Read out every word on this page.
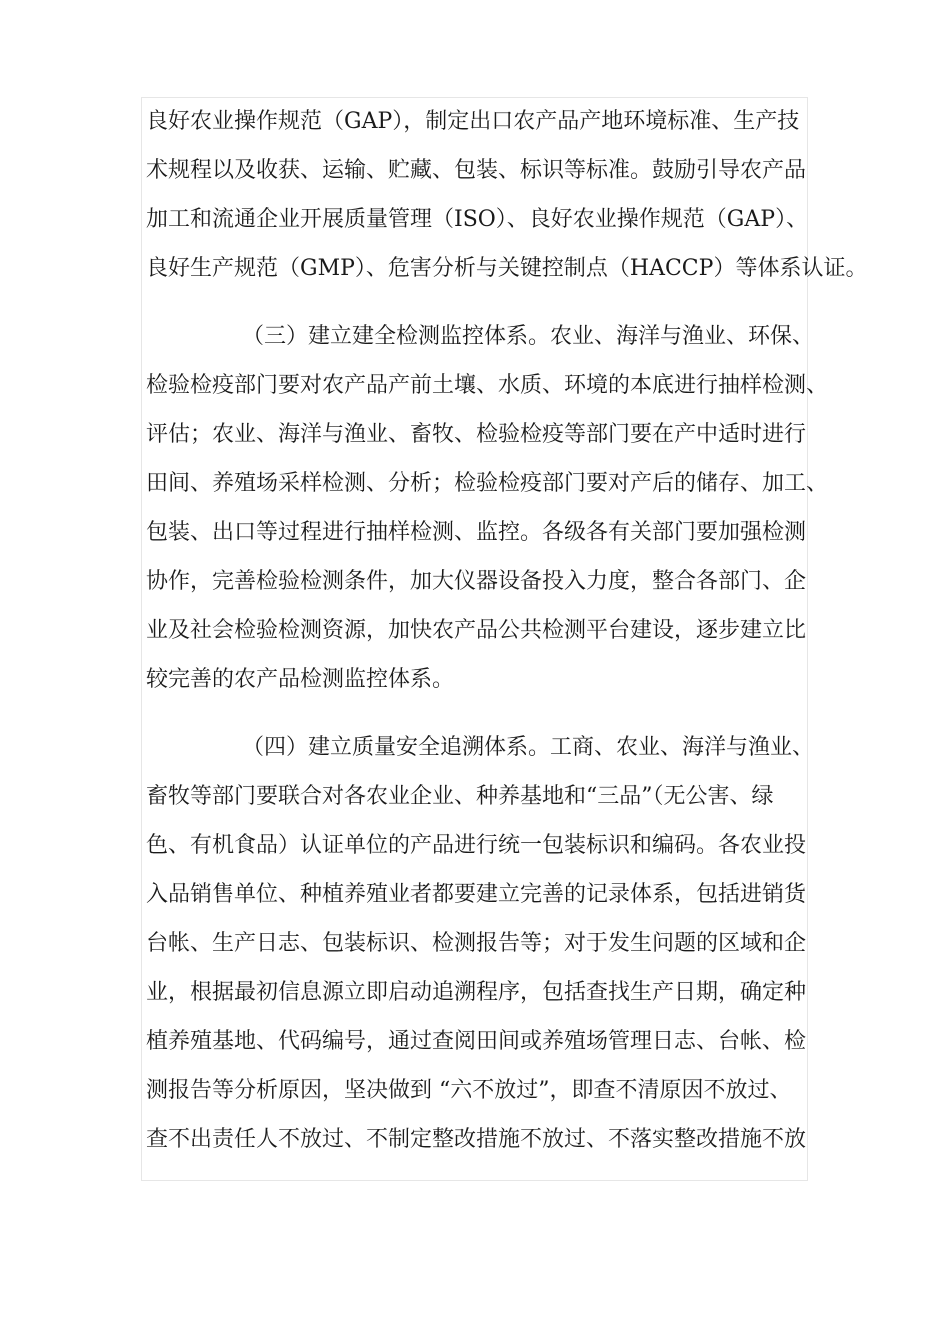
良好农业操作规范（GAP），制定出口农产品产地环境标准、生产技
术规程以及收获、运输、贮藏、包装、标识等标准。鼓励引导农产品
加工和流通企业开展质量管理（ISO）、良好农业操作规范（GAP）、
良好生产规范（GMP）、危害分析与关键控制点（HACCP）等体系认证。
（三）建立建全检测监控体系。农业、海洋与渔业、环保、
检验检疫部门要对农产品产前土壤、水质、环境的本底进行抽样检测、
评估；农业、海洋与渔业、畜牧、检验检疫等部门要在产中适时进行
田间、养殖场采样检测、分析；检验检疫部门要对产后的储存、加工、
包装、出口等过程进行抽样检测、监控。各级各有关部门要加强检测
协作，完善检验检测条件，加大仪器设备投入力度，整合各部门、企
业及社会检验检测资源，加快农产品公共检测平台建设，逐步建立比
较完善的农产品检测监控体系。
（四）建立质量安全追溯体系。工商、农业、海洋与渔业、
畜牧等部门要联合对各农业企业、种养基地和“三品”（无公害、绿
色、有机食品）认证单位的产品进行统一包装标识和编码。各农业投
入品销售单位、种植养殖业者都要建立完善的记录体系，包括进销货
台帐、生产日志、包装标识、检测报告等；对于发生问题的区域和企
业，根据最初信息源立即启动追溯程序，包括查找生产日期，确定种
植养殖基地、代码编号，通过查阅田间或养殖场管理日志、台帐、检
测报告等分析原因，坚决做到 “六不放过”，即查不清原因不放过、
查不出责任人不放过、不制定整改措施不放过、不落实整改措施不放
